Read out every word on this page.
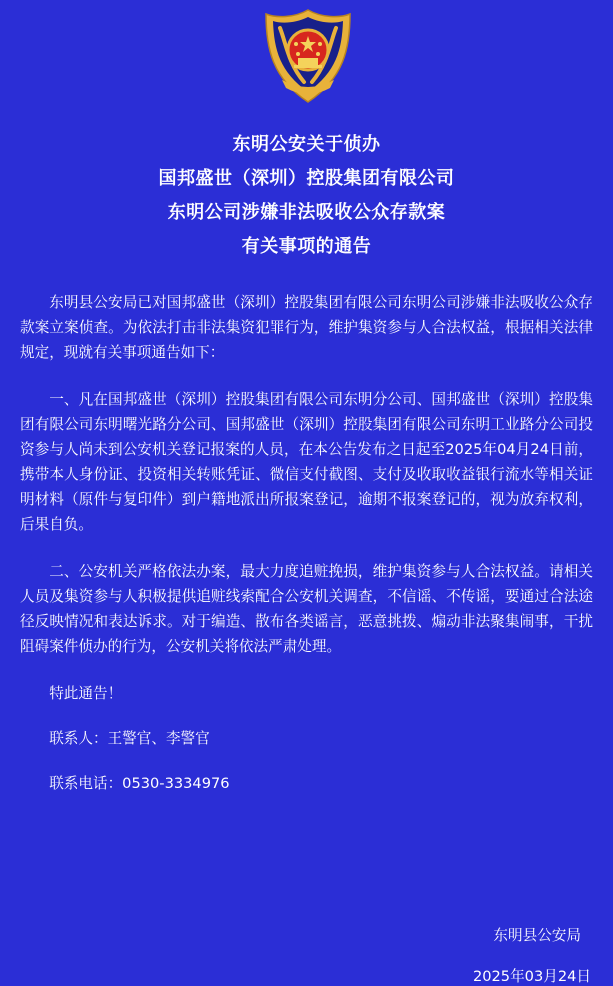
东明公安关于侦办
国邦盛世（深圳）控股集团有限公司
东明公司涉嫌非法吸收公众存款案
有关事项的通告

东明县公安局已对国邦盛世（深圳）控股集团有限公司东明公司涉嫌非法吸收公众存款案立案侦查。为依法打击非法集资犯罪行为，维护集资参与人合法权益，根据相关法律规定，现就有关事项通告如下：

一、凡在国邦盛世（深圳）控股集团有限公司东明分公司、国邦盛世（深圳）控股集团有限公司东明曙光路分公司、国邦盛世（深圳）控股集团有限公司东明工业路分公司投资参与人尚未到公安机关登记报案的人员，在本公告发布之日起至2025年04月24日前，携带本人身份证、投资相关转账凭证、微信支付截图、支付及收取收益银行流水等相关证明材料（原件与复印件）到户籍地派出所报案登记，逾期不报案登记的，视为放弃权利，后果自负。

二、公安机关严格依法办案，最大力度追赃挽损，维护集资参与人合法权益。请相关人员及集资参与人积极提供追赃线索配合公安机关调查，不信谣、不传谣，要通过合法途径反映情况和表达诉求。对于编造、散布各类谣言，恶意挑拨、煽动非法聚集闹事，干扰阻碍案件侦办的行为，公安机关将依法严肃处理。

特此通告！

联系人：王警官、李警官

联系电话：0530-3334976

东明县公安局
2025年03月24日
